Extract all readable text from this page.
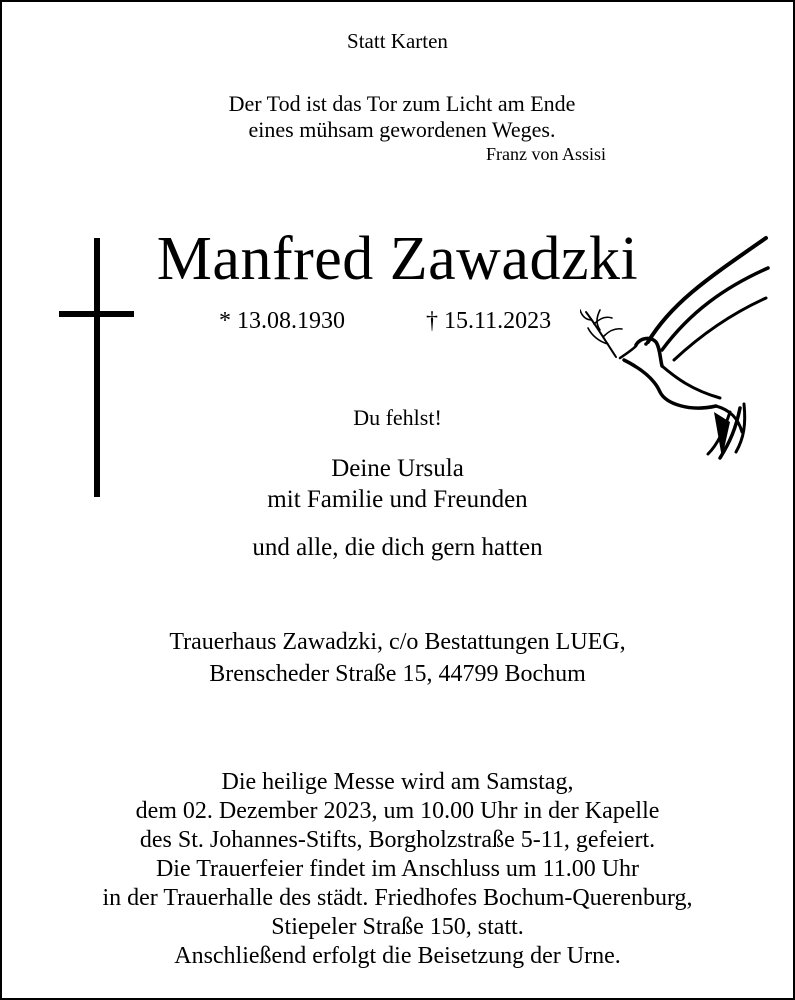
Statt Karten
Der Tod ist das Tor zum Licht am Ende
eines mühsam gewordenen Weges.
Franz von Assisi
Manfred Zawadzki
* 13.08.1930	† 15.11.2023
Du fehlst!
Deine Ursula
mit Familie und Freunden
und alle, die dich gern hatten
Trauerhaus Zawadzki, c/o Bestattungen LUEG,
Brenscheder Straße 15, 44799 Bochum
Die heilige Messe wird am Samstag,
dem 02. Dezember 2023, um 10.00 Uhr in der Kapelle
des St. Johannes-Stifts, Borgholzstraße 5-11, gefeiert.
Die Trauerfeier findet im Anschluss um 11.00 Uhr
in der Trauerhalle des städt. Friedhofes Bochum-Querenburg,
Stiepeler Straße 150, statt.
Anschließend erfolgt die Beisetzung der Urne.
